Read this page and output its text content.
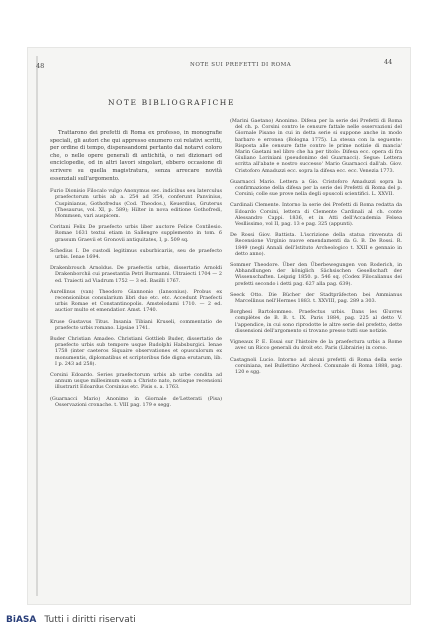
48	NOTE SUI PREFETTI DI ROMA	44
NOTE BIBLIOGRAFICHE

Trattarono dei prefetti di Roma ex professo, in monografie speciali, gli autori che qui appresso enumero coi relativi scritti, per ordine di tempo, dispensandomi pertanto dal notarvi coloro che, o nelle opere generali di antichità, o nei dizionari od enciclopedie, od in altri lavori singolari, ebbero occasione di scrivere su quella magistratura, senza arrecare novità essenziali sull'argomento.

Furio Dionisio Filocalo vulgo Anonymus sec. indicibus seu laterculus praefectorum urbis ab a. 254 ad 354, conferunt Panvinius, Cuspinianus, Gothofredus (Cod. Theodos.), Keuerdius, Gruterus (Thesaurus, vol. XI, p. 589); Hilter in nova editione Gothofredi, Mommsen, vari auspicem.

Coritani Felix De praefecto urbis liber auctore Felice Contilesio. Romae 1631 textui etiam in Sallengre supplemento in tom. 6 grassum Graevii et Gronovii antiquitates, I, p. 509 sq.

Schedius I. De custodi legitimus suburbicariis, seu de praefecto urbis. Ienae 1694.

Drakenbrouch Arnoldus. De praefectis urbis, dissertatio Arnoldi Drakenborchii cui praestantia Petri Burmanni. Ultraiecti 1704 — 2 ed. Traiecti ad Viadrum 1752 — 3 ed. Basilli 1767.

Aurellinus (van) Theodoro Giannonio (Iansonius). Probus ex recensionibus consularium libri duo etc. etc. Accedunt Praefecti urbis Romae et Constantinopolis. Amstelodami 1710. — 2 ed. auctior multo et emendatior. Amst. 1740.

Kruse Gustavus Titus. Insania Tibiani Kruseli, commentatio de praefecto urbis romano. Lipsiae 1741.

Buder Christian Amadeo. Christiani Gottlieb Buder, dissertatio de praefecto urbis sub tempore usque Rudolphi Habsburgici. Ienae 1758 (inter caeteros Siquaire observationes et opusculorum ex monumentis, diplomatibus et scriptoribus fide digna erutarum, lib. I p. 243 ad 258).

Corsini Edoardo. Series praefectorum urbis ab urbe condita ad annum usque millesimum eam a Christo nato, notisque recensioni illustrarit Edoardus Corsinius etc. Pisis s. a. 1763.

(Guarnacci Mario) Anonimo in Giornale de'Letterati (Pisa) Osservazioni cronache. t. VIII pag. 179 e segg.

(Marini Gaetano) Anonimo. Difesa per la serie dei Prefetti di Roma del ch. p. Corsini contro le censure fattale nelle osservazioni del Giornale Pisano in cui in detta serie si suppone anche in modo barbaro e erronea (Bologna 1775). La stessa con la seguente: Risposta alle censure fatte contro le prime notizie di mancia' Marin Gaetani nel libro che ha per titolo: Difesa ecc. opera di fra Giuliano Loriniani (pseudonimo del Guarnacci). Segue: Lettera scritta all'abate e nostro successo' Mario Guarnacci dall'ab. Giov. Cristoforo Amaduzzi ecc. sopra la difesa ecc. ecc. Venezia 1773.

Guarnacci Mario. Lettera a Gio. Cristoforo Amaduzzi sopra la confirmazione della difesa per la serie dei Prefetti di Roma del p. Corsini; colle sue prove nella degli opuscoli scientifici. L. XXVII.

Cardinali Clemente. Intorno la serie dei Prefetti di Roma redatta da Edoardo Corsini, lettera di Clemente Cardinali al ch. conte Alessandro Cappi. 1836, et in Atti dell'Accademia Felsea Vesllissimo, vol II, pag. 13 e pag. 325 (appunti).

De Rossi Giov. Battista. L'iscrizione della statua rinvenuta di Recensione Virginio nuove emendamenti da G. B. De Rossi. R. 1849 (negli Annali dell'Istituto Archeologico t. XXII e gennaio in detto anno).

Sommer Theodore. Über den Überbewegungen von Roderich, in Abhandlungen der königlich Sächsischen Gesellschaft der Wissenschaften. Leipzig 1850. p. 546 sq. (Codex Filocalianus dei prefetti secondo i detti pag. 627 alla pag. 639).

Seeck Otto. Die Bücher der Stadtpräfecten bei Ammianus Marcellinus nell'Hermes 1883. t. XXVIII, pag. 289 a 303.

Borghesi Bartolommeo. Praefectus urbis. Dans les Œuvres complètes de B. B. t. IX. Paris 1884, pag. 225 al detto V. l'appendice, in cui sono riprodotte le altre serie del prefetto, dette dissensioni dell'argomento si trovano presso tutti sue notizie.

Vigneaux P. E. Essai sur l'histoire de la praefectura urbis a Rome avec un Ricco generali du droit etc. Paris (Librairie) in corso.

Castagnoli Lucio. Intorno ad alcuni prefetti di Roma della serie corsiniana, nel Bullettino Archeol. Comunale di Roma 1888, pag. 120 e sgg.

BiASA Tutti i diritti riservati
